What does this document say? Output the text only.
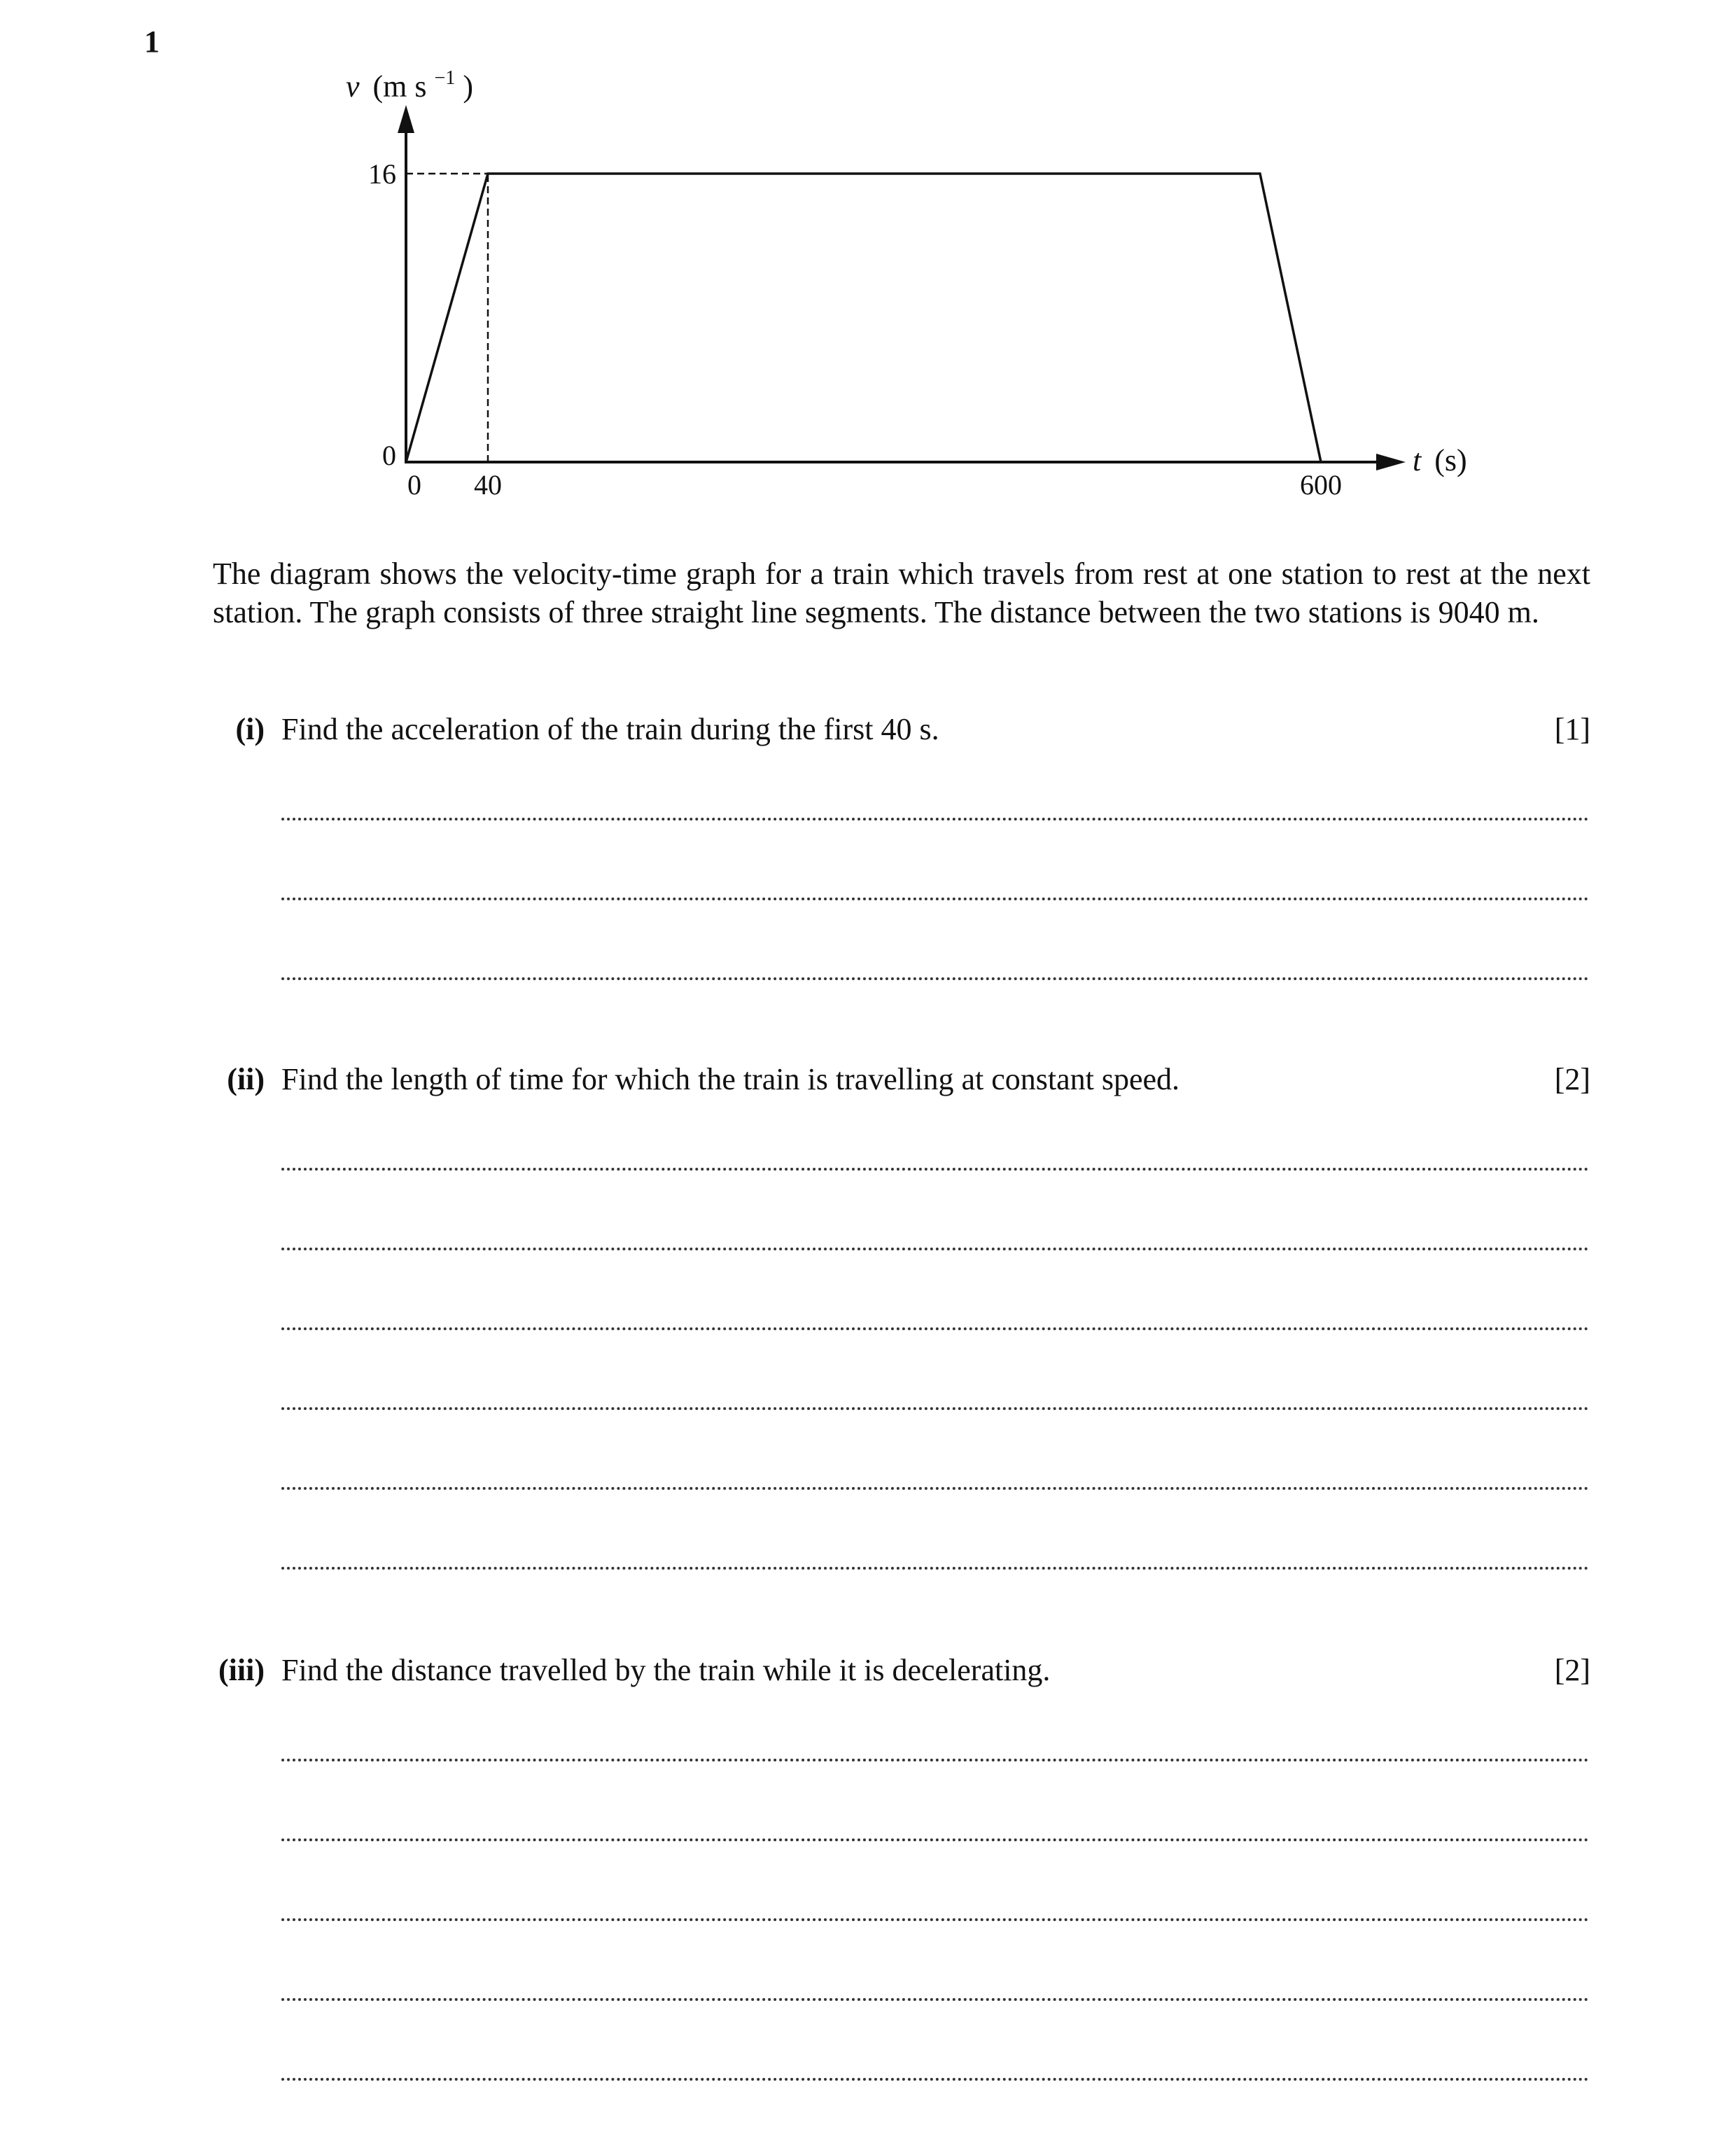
1
v (m s $^{-1}$ )
t (s)
16
0
0 40	600

The diagram shows the velocity-time graph for a train which travels from rest at one station to rest at the next station. The graph consists of three straight line segments. The distance between the two stations is 9040 m.

(i) Find the acceleration of the train during the first 40 s.	[1]
(ii) Find the length of time for which the train is travelling at constant speed.	[2]
(iii) Find the distance travelled by the train while it is decelerating.	[2]
